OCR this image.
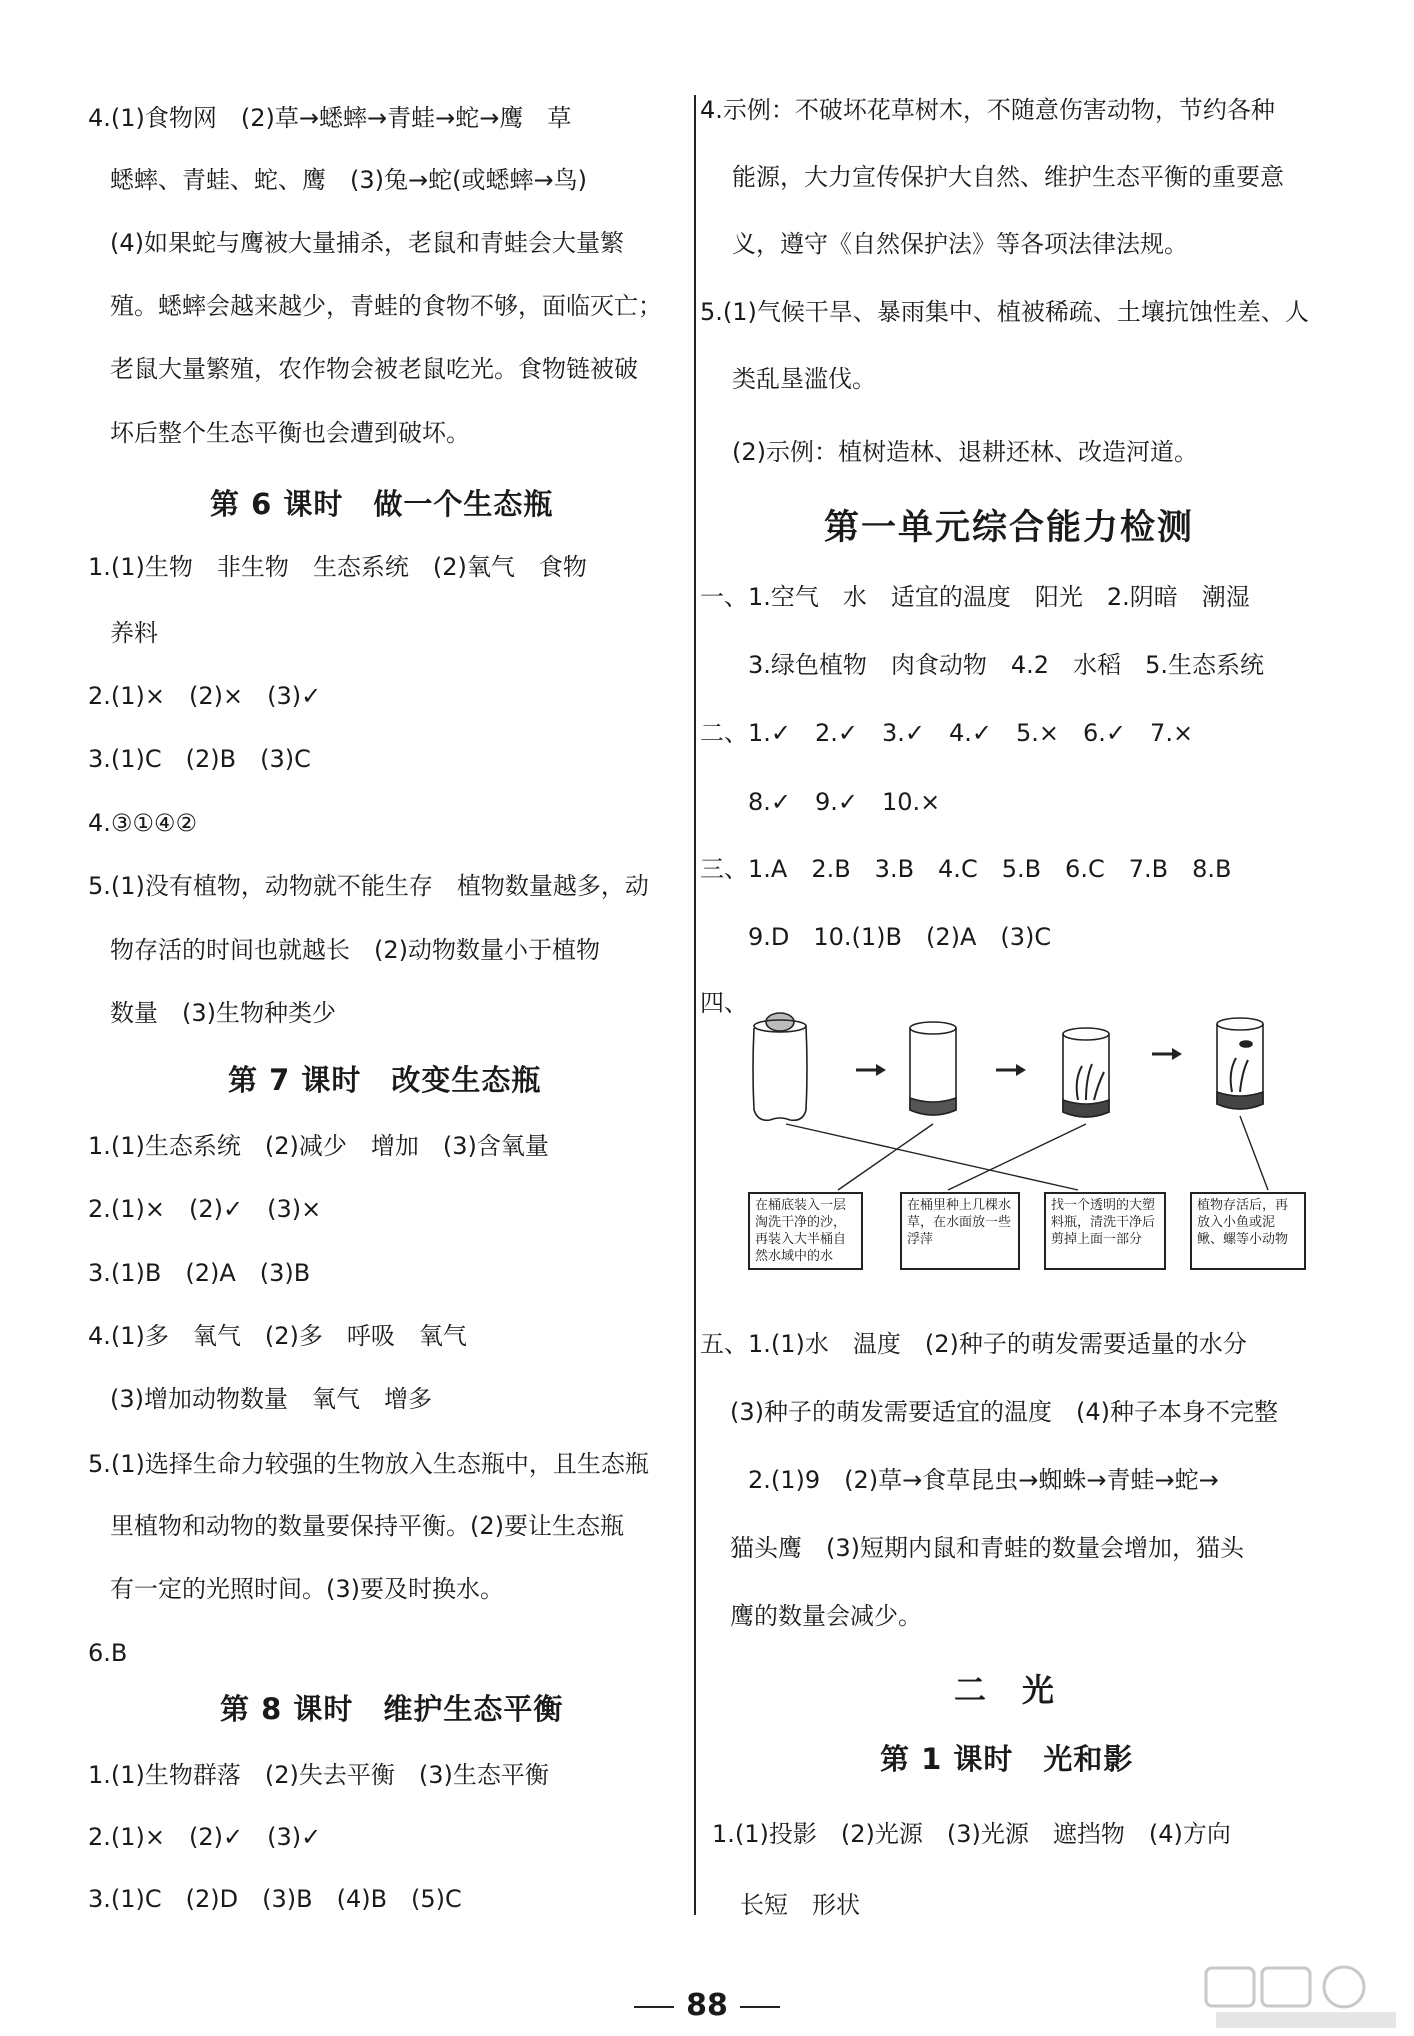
4.(1)食物网　(2)草→蟋蟀→青蛙→蛇→鹰　草
蟋蟀、青蛙、蛇、鹰　(3)兔→蛇(或蟋蟀→鸟)
(4)如果蛇与鹰被大量捕杀，老鼠和青蛙会大量繁
殖。蟋蟀会越来越少，青蛙的食物不够，面临灭亡；
老鼠大量繁殖，农作物会被老鼠吃光。食物链被破
坏后整个生态平衡也会遭到破坏。
第 6 课时　做一个生态瓶
1.(1)生物　非生物　生态系统　(2)氧气　食物
养料
2.(1)×　(2)×　(3)✓
3.(1)C　(2)B　(3)C
4.③①④②
5.(1)没有植物，动物就不能生存　植物数量越多，动
物存活的时间也就越长　(2)动物数量小于植物
数量　(3)生物种类少
第 7 课时　改变生态瓶
1.(1)生态系统　(2)减少　增加　(3)含氧量
2.(1)×　(2)✓　(3)×
3.(1)B　(2)A　(3)B
4.(1)多　氧气　(2)多　呼吸　氧气
(3)增加动物数量　氧气　增多
5.(1)选择生命力较强的生物放入生态瓶中，且生态瓶
里植物和动物的数量要保持平衡。(2)要让生态瓶
有一定的光照时间。(3)要及时换水。
6.B
第 8 课时　维护生态平衡
1.(1)生物群落　(2)失去平衡　(3)生态平衡
2.(1)×　(2)✓　(3)✓
3.(1)C　(2)D　(3)B　(4)B　(5)C
4.示例：不破坏花草树木，不随意伤害动物，节约各种
能源，大力宣传保护大自然、维护生态平衡的重要意
义，遵守《自然保护法》等各项法律法规。
5.(1)气候干旱、暴雨集中、植被稀疏、土壤抗蚀性差、人
类乱垦滥伐。
(2)示例：植树造林、退耕还林、改造河道。
第一单元综合能力检测
一、1.空气　水　适宜的温度　阳光　2.阴暗　潮湿
3.绿色植物　肉食动物　4.2　水稻　5.生态系统
二、1.✓　2.✓　3.✓　4.✓　5.×　6.✓　7.×
8.✓　9.✓　10.×
三、1.A　2.B　3.B　4.C　5.B　6.C　7.B　8.B
9.D　10.(1)B　(2)A　(3)C
四、
在桶底装入一层淘洗干净的沙，再装入大半桶自然水域中的水
在桶里种上几棵水草，在水面放一些浮萍
找一个透明的大塑料瓶，清洗干净后剪掉上面一部分
植物存活后，再放入小鱼或泥鳅、螺等小动物
五、1.(1)水　温度　(2)种子的萌发需要适量的水分
(3)种子的萌发需要适宜的温度　(4)种子本身不完整
2.(1)9　(2)草→食草昆虫→蜘蛛→青蛙→蛇→
猫头鹰　(3)短期内鼠和青蛙的数量会增加，猫头
鹰的数量会减少。
二　光
第 1 课时　光和影
1.(1)投影　(2)光源　(3)光源　遮挡物　(4)方向
长短　形状
88
